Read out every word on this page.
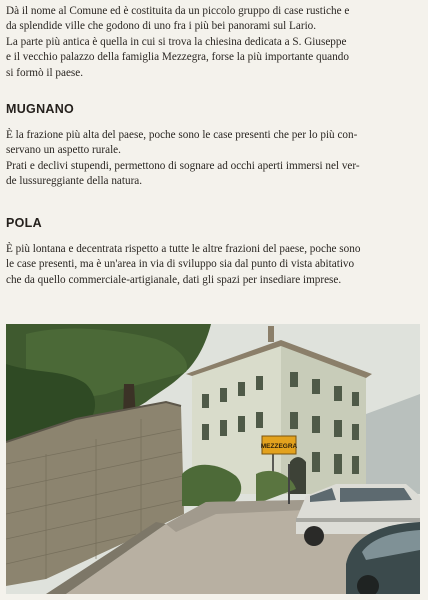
Dà il nome al Comune ed è costituita da un piccolo gruppo di case rustiche e
da splendide ville che godono di uno fra i più bei panorami sul Lario.
La parte più antica è quella in cui si trova la chiesina dedicata a S. Giuseppe
e il vecchio palazzo della famiglia Mezzegra, forse la più importante quando
si formò il paese.

MUGNANO

È la frazione più alta del paese, poche sono le case presenti che per lo più con-
servano un aspetto rurale.
Prati e declivi stupendi, permettono di sognare ad occhi aperti immersi nel ver-
de lussureggiante della natura.

POLA

È più lontana e decentrata rispetto a tutte le altre frazioni del paese, poche sono
le case presenti, ma è un'area in via di sviluppo sia dal punto di vista abitativo
che da quello commerciale-artigianale, dati gli spazi per insediare imprese.

MEZZEGRA
